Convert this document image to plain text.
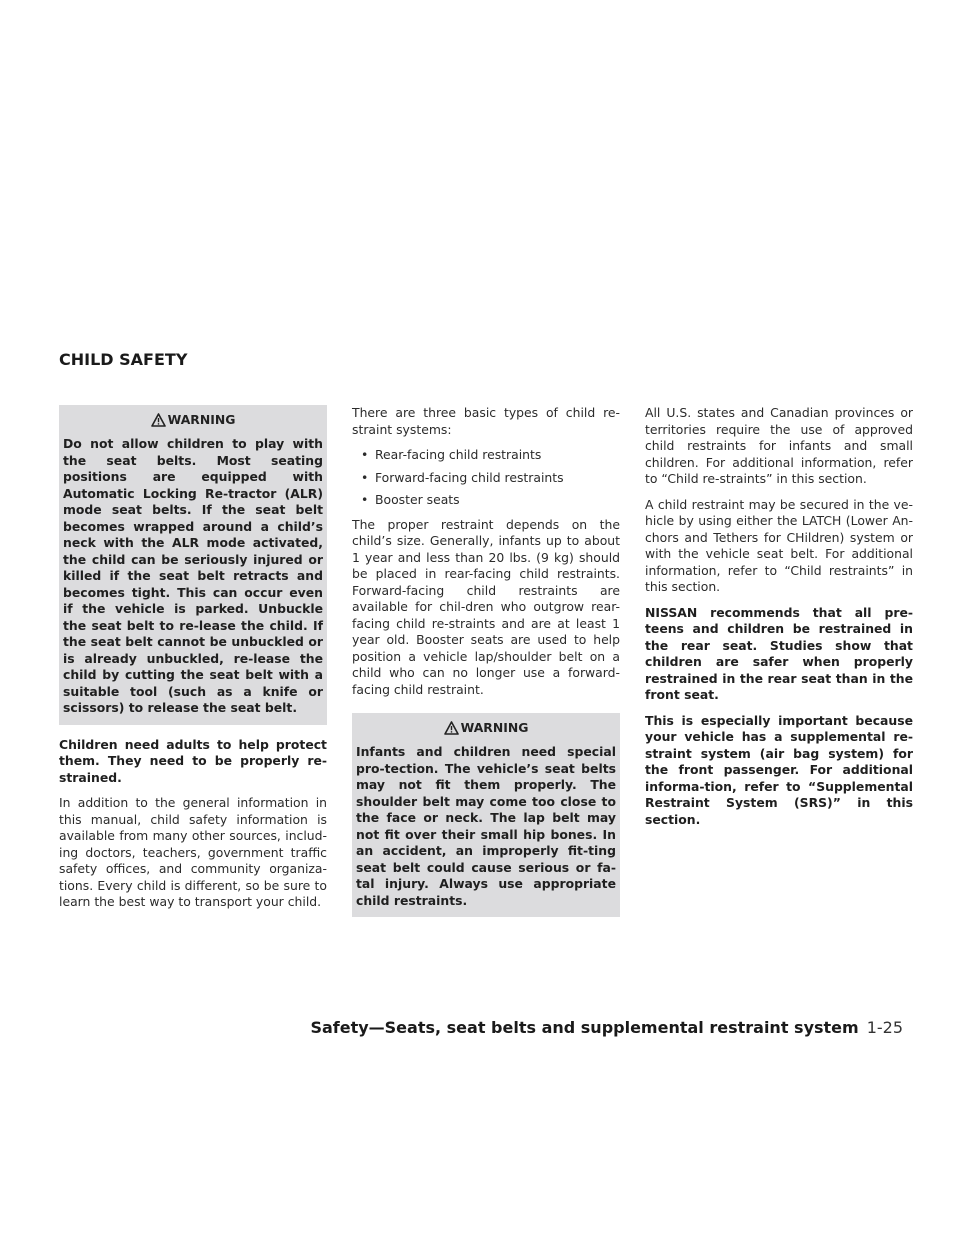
CHILD SAFETY
WARNING

Do not allow children to play with the seat belts. Most seating positions are equipped with Automatic Locking Re-tractor (ALR) mode seat belts. If the seat belt becomes wrapped around a child’s neck with the ALR mode activated, the child can be seriously injured or killed if the seat belt retracts and becomes tight. This can occur even if the vehicle is parked. Unbuckle the seat belt to re-lease the child. If the seat belt cannot be unbuckled or is already unbuckled, re-lease the child by cutting the seat belt with a suitable tool (such as a knife or scissors) to release the seat belt.

Children need adults to help protect them. They need to be properly re-strained.

In addition to the general information in this manual, child safety information is available from many other sources, includ-ing doctors, teachers, government traffic safety offices, and community organiza-tions. Every child is different, so be sure to learn the best way to transport your child.

There are three basic types of child re-straint systems:

• Rear-facing child restraints
• Forward-facing child restraints
• Booster seats

The proper restraint depends on the child’s size. Generally, infants up to about 1 year and less than 20 lbs. (9 kg) should be placed in rear-facing child restraints. Forward-facing child restraints are available for chil-dren who outgrow rear-facing child re-straints and are at least 1 year old. Booster seats are used to help position a vehicle lap/shoulder belt on a child who can no longer use a forward-facing child restraint.

WARNING

Infants and children need special pro-tection. The vehicle’s seat belts may not fit them properly. The shoulder belt may come too close to the face or neck. The lap belt may not fit over their small hip bones. In an accident, an improperly fit-ting seat belt could cause serious or fa-tal injury. Always use appropriate child restraints.

All U.S. states and Canadian provinces or territories require the use of approved child restraints for infants and small children. For additional information, refer to “Child re-straints” in this section.

A child restraint may be secured in the ve-hicle by using either the LATCH (Lower An-chors and Tethers for CHildren) system or with the vehicle seat belt. For additional information, refer to “Child restraints” in this section.

NISSAN recommends that all pre-teens and children be restrained in the rear seat. Studies show that children are safer when properly restrained in the rear seat than in the front seat.

This is especially important because your vehicle has a supplemental re-straint system (air bag system) for the front passenger. For additional informa-tion, refer to “Supplemental Restraint System (SRS)” in this section.

Safety—Seats, seat belts and supplemental restraint system 1-25
